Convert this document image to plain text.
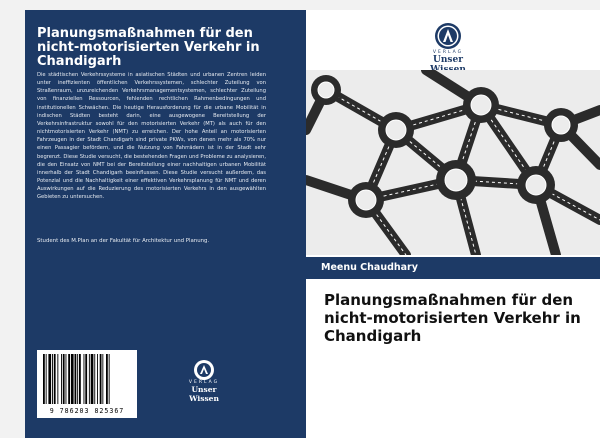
Planungsmaßnahmen für den nicht-motorisierten Verkehr in Chandigarh
Die städtischen Verkehrssysteme in asiatischen Städten und urbanen Zentren leiden unter ineffizienten öffentlichen Verkehrssystemen, schlechter Zuteilung von Straßenraum, unzureichenden Verkehrsmanagementsystemen, schlechter Zuteilung von finanziellen Ressourcen, fehlenden rechtlichen Rahmenbedingungen und institutionellen Schwächen. Die heutige Herausforderung für die urbane Mobilität in indischen Städten besteht darin, eine ausgewogene Bereitstellung der Verkehrsinfrastruktur sowohl für den motorisierten Verkehr (MT) als auch für den nichtmotorisierten Verkehr (NMT) zu erreichen. Der hohe Anteil an motorisierten Fahrzeugen in der Stadt Chandigarh sind private PKWs, von denen mehr als 70% nur einen Passagier befördern, und die Nutzung von Fahrrädern ist in der Stadt sehr begrenzt. Diese Studie versucht, die bestehenden Fragen und Probleme zu analysieren, die den Einsatz von NMT bei der Bereitstellung einer nachhaltigen urbanen Mobilität innerhalb der Stadt Chandigarh beeinflussen. Diese Studie versucht außerdem, das Potenzial und die Nachhaltigkeit einer effektiven Verkehrsplanung für NMT und deren Auswirkungen auf die Reduzierung des motorisierten Verkehrs in den ausgewählten Gebieten zu untersuchen.
Student des M.Plan an der Fakultät für Architektur und Planung.
9 786203 825367
VERLAG
Unser Wissen
VERLAG
Unser
Meenu Chaudhary
Planungsmaßnahmen für den nicht-motorisierten Verkehr in Chandigarh
